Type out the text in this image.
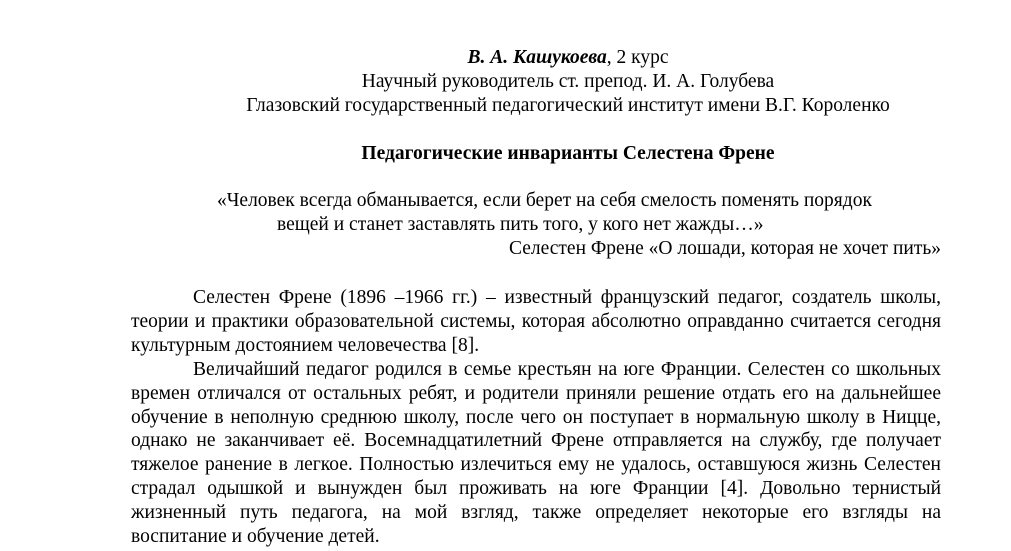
В. А. Кашукоева, 2 курс
Научный руководитель ст. препод. И. А. Голубева
Глазовский государственный педагогический институт имени В.Г. Короленко
Педагогические инварианты Селестена Френе
«Человек всегда обманывается, если берет на себя смелость поменять порядок
вещей и станет заставлять пить того, у кого нет жажды…»
Селестен Френе «О лошади, которая не хочет пить»

Селестен Френе (1896 –1966 гг.) – известный французский педагог, создатель школы, теории и практики образовательной системы, которая абсолютно оправданно считается сегодня культурным достоянием человечества [8].

Величайший педагог родился в семье крестьян на юге Франции. Селестен со школьных времен отличался от остальных ребят, и родители приняли решение отдать его на дальнейшее обучение в неполную среднюю школу, после чего он поступает в нормальную школу в Ницце, однако не заканчивает её. Восемнадцатилетний Френе отправляется на службу, где получает тяжелое ранение в легкое. Полностью излечиться ему не удалось, оставшуюся жизнь Селестен страдал одышкой и вынужден был проживать на юге Франции [4]. Довольно тернистый жизненный путь педагога, на мой взгляд, также определяет некоторые его взгляды на воспитание и обучение детей.
